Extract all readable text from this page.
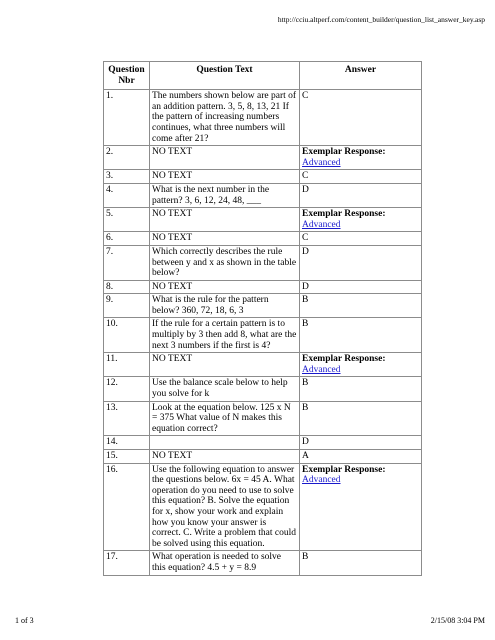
http://cciu.altperf.com/content_builder/question_list_answer_key.asp
Question Nbr	Question Text	Answer
1.	The numbers shown below are part of an addition pattern. 3, 5, 8, 13, 21 If the pattern of increasing numbers continues, what three numbers will come after 21?	C
2.	NO TEXT	Exemplar Response:
Advanced
3.	NO TEXT	C
4.	What is the next number in the pattern? 3, 6, 12, 24, 48, ___	D
5.	NO TEXT	Exemplar Response:
Advanced
6.	NO TEXT	C
7.	Which correctly describes the rule between y and x as shown in the table below?	D
8.	NO TEXT	D
9.	What is the rule for the pattern below? 360, 72, 18, 6, 3	B
10.	If the rule for a certain pattern is to multiply by 3 then add 8, what are the next 3 numbers if the first is 4?	B
11.	NO TEXT	Exemplar Response:
Advanced
12.	Use the balance scale below to help you solve for k	B
13.	Look at the equation below. 125 x N = 375 What value of N makes this equation correct?	B
14.		D
15.	NO TEXT	A
16.	Use the following equation to answer the questions below. 6x = 45 A. What operation do you need to use to solve this equation? B. Solve the equation for x, show your work and explain how you know your answer is correct. C. Write a problem that could be solved using this equation.	Exemplar Response:
Advanced
17.	What operation is needed to solve this equation? 4.5 + y = 8.9	B
1 of 3	2/15/08 3:04 PM
